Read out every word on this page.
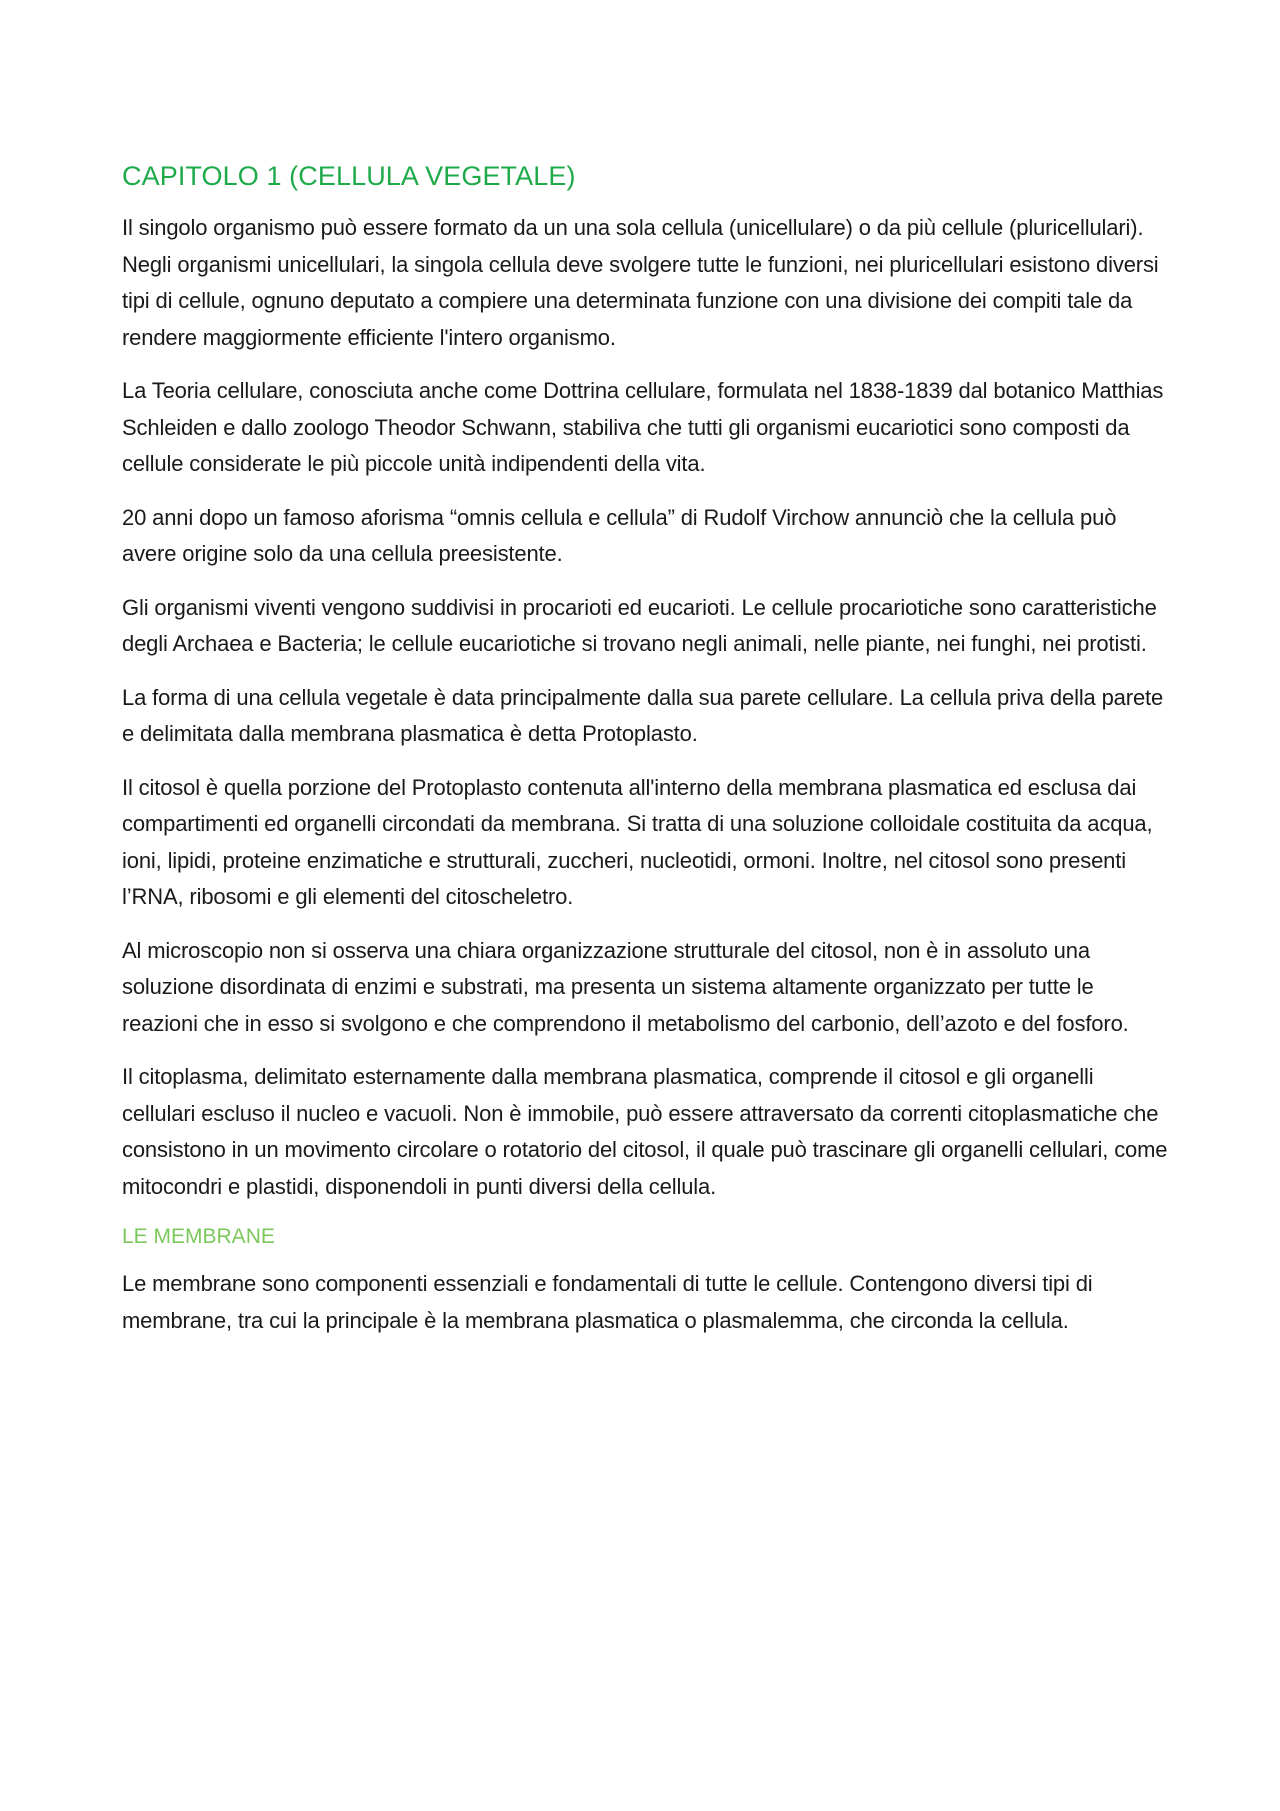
CAPITOLO 1 (CELLULA VEGETALE)

Il singolo organismo può essere formato da un una sola cellula (unicellulare) o da più cellule (pluricellulari). Negli organismi unicellulari, la singola cellula deve svolgere tutte le funzioni, nei pluricellulari esistono diversi tipi di cellule, ognuno deputato a compiere una determinata funzione con una divisione dei compiti tale da rendere maggiormente efficiente l'intero organismo.

La Teoria cellulare, conosciuta anche come Dottrina cellulare, formulata nel 1838-1839 dal botanico Matthias Schleiden e dallo zoologo Theodor Schwann, stabiliva che tutti gli organismi eucariotici sono composti da cellule considerate le più piccole unità indipendenti della vita.

20 anni dopo un famoso aforisma “omnis cellula e cellula” di Rudolf Virchow annunciò che la cellula può avere origine solo da una cellula preesistente.

Gli organismi viventi vengono suddivisi in procarioti ed eucarioti. Le cellule procariotiche sono caratteristiche degli Archaea e Bacteria; le cellule eucariotiche si trovano negli animali, nelle piante, nei funghi, nei protisti.

La forma di una cellula vegetale è data principalmente dalla sua parete cellulare. La cellula priva della parete e delimitata dalla membrana plasmatica è detta Protoplasto.

Il citosol è quella porzione del Protoplasto contenuta all'interno della membrana plasmatica ed esclusa dai compartimenti ed organelli circondati da membrana. Si tratta di una soluzione colloidale costituita da acqua, ioni, lipidi, proteine enzimatiche e strutturali, zuccheri, nucleotidi, ormoni. Inoltre, nel citosol sono presenti l’RNA, ribosomi e gli elementi del citoscheletro.

Al microscopio non si osserva una chiara organizzazione strutturale del citosol, non è in assoluto una soluzione disordinata di enzimi e substrati, ma presenta un sistema altamente organizzato per tutte le reazioni che in esso si svolgono e che comprendono il metabolismo del carbonio, dell’azoto e del fosforo.

Il citoplasma, delimitato esternamente dalla membrana plasmatica, comprende il citosol e gli organelli cellulari escluso il nucleo e vacuoli. Non è immobile, può essere attraversato da correnti citoplasmatiche che consistono in un movimento circolare o rotatorio del citosol, il quale può trascinare gli organelli cellulari, come mitocondri e plastidi, disponendoli in punti diversi della cellula.

LE MEMBRANE

Le membrane sono componenti essenziali e fondamentali di tutte le cellule. Contengono diversi tipi di membrane, tra cui la principale è la membrana plasmatica o plasmalemma, che circonda la cellula.
